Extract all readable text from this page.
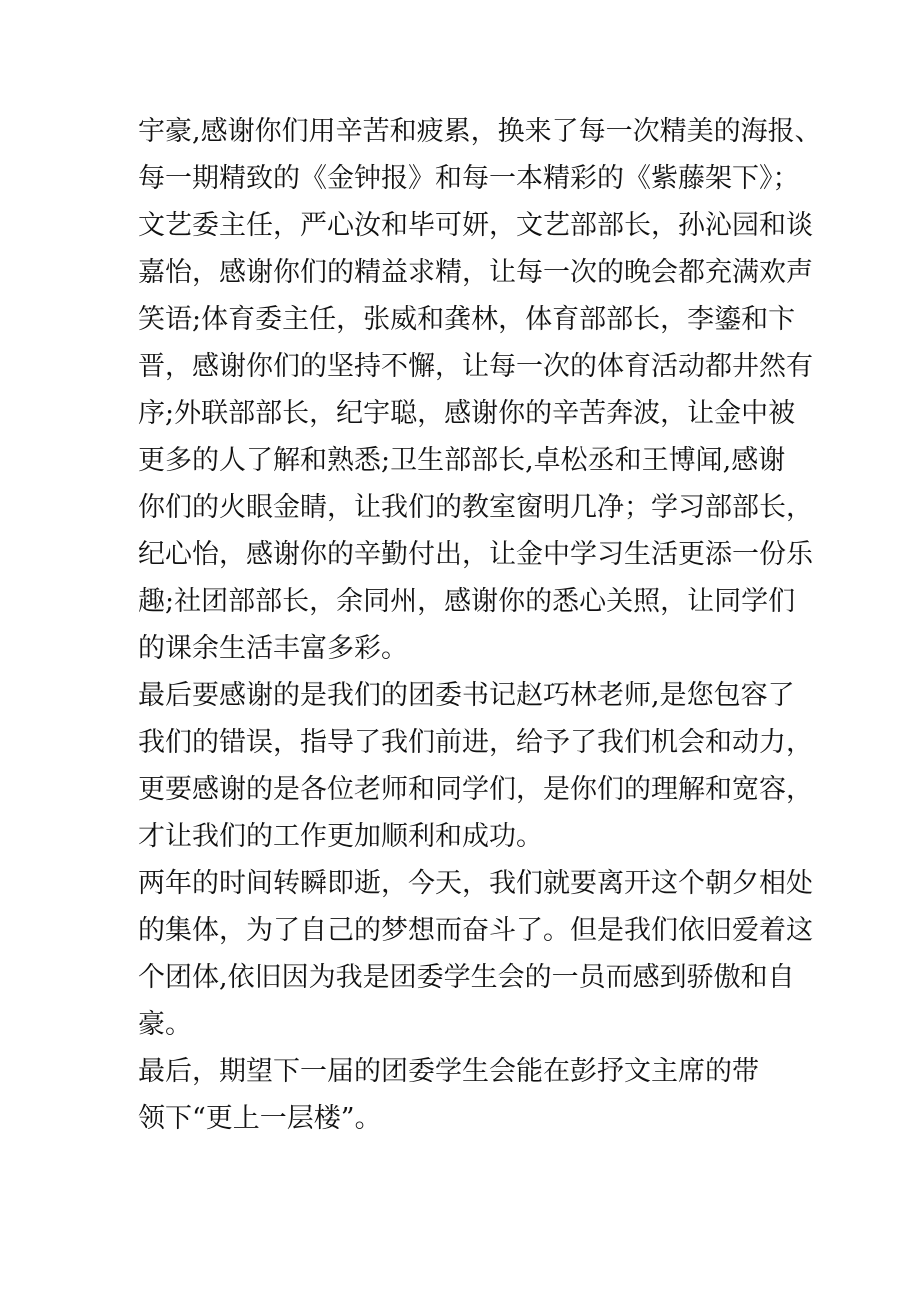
宇豪,感谢你们用辛苦和疲累，换来了每一次精美的海报、
每一期精致的《金钟报》和每一本精彩的《紫藤架下》；
文艺委主任，严心汝和毕可妍，文艺部部长，孙沁园和谈
嘉怡，感谢你们的精益求精，让每一次的晚会都充满欢声
笑语;体育委主任，张威和龚林，体育部部长，李鎏和卞
晋，感谢你们的坚持不懈，让每一次的体育活动都井然有
序;外联部部长，纪宇聪，感谢你的辛苦奔波，让金中被
更多的人了解和熟悉;卫生部部长,卓松丞和王博闻,感谢
你们的火眼金睛，让我们的教室窗明几净；学习部部长，
纪心怡，感谢你的辛勤付出，让金中学习生活更添一份乐
趣;社团部部长，余同州，感谢你的悉心关照，让同学们
的课余生活丰富多彩。
最后要感谢的是我们的团委书记赵巧林老师,是您包容了
我们的错误，指导了我们前进，给予了我们机会和动力，
更要感谢的是各位老师和同学们，是你们的理解和宽容，
才让我们的工作更加顺利和成功。
两年的时间转瞬即逝，今天，我们就要离开这个朝夕相处
的集体，为了自己的梦想而奋斗了。但是我们依旧爱着这
个团体,依旧因为我是团委学生会的一员而感到骄傲和自
豪。
最后，期望下一届的团委学生会能在彭抒文主席的带
领下“更上一层楼”。
